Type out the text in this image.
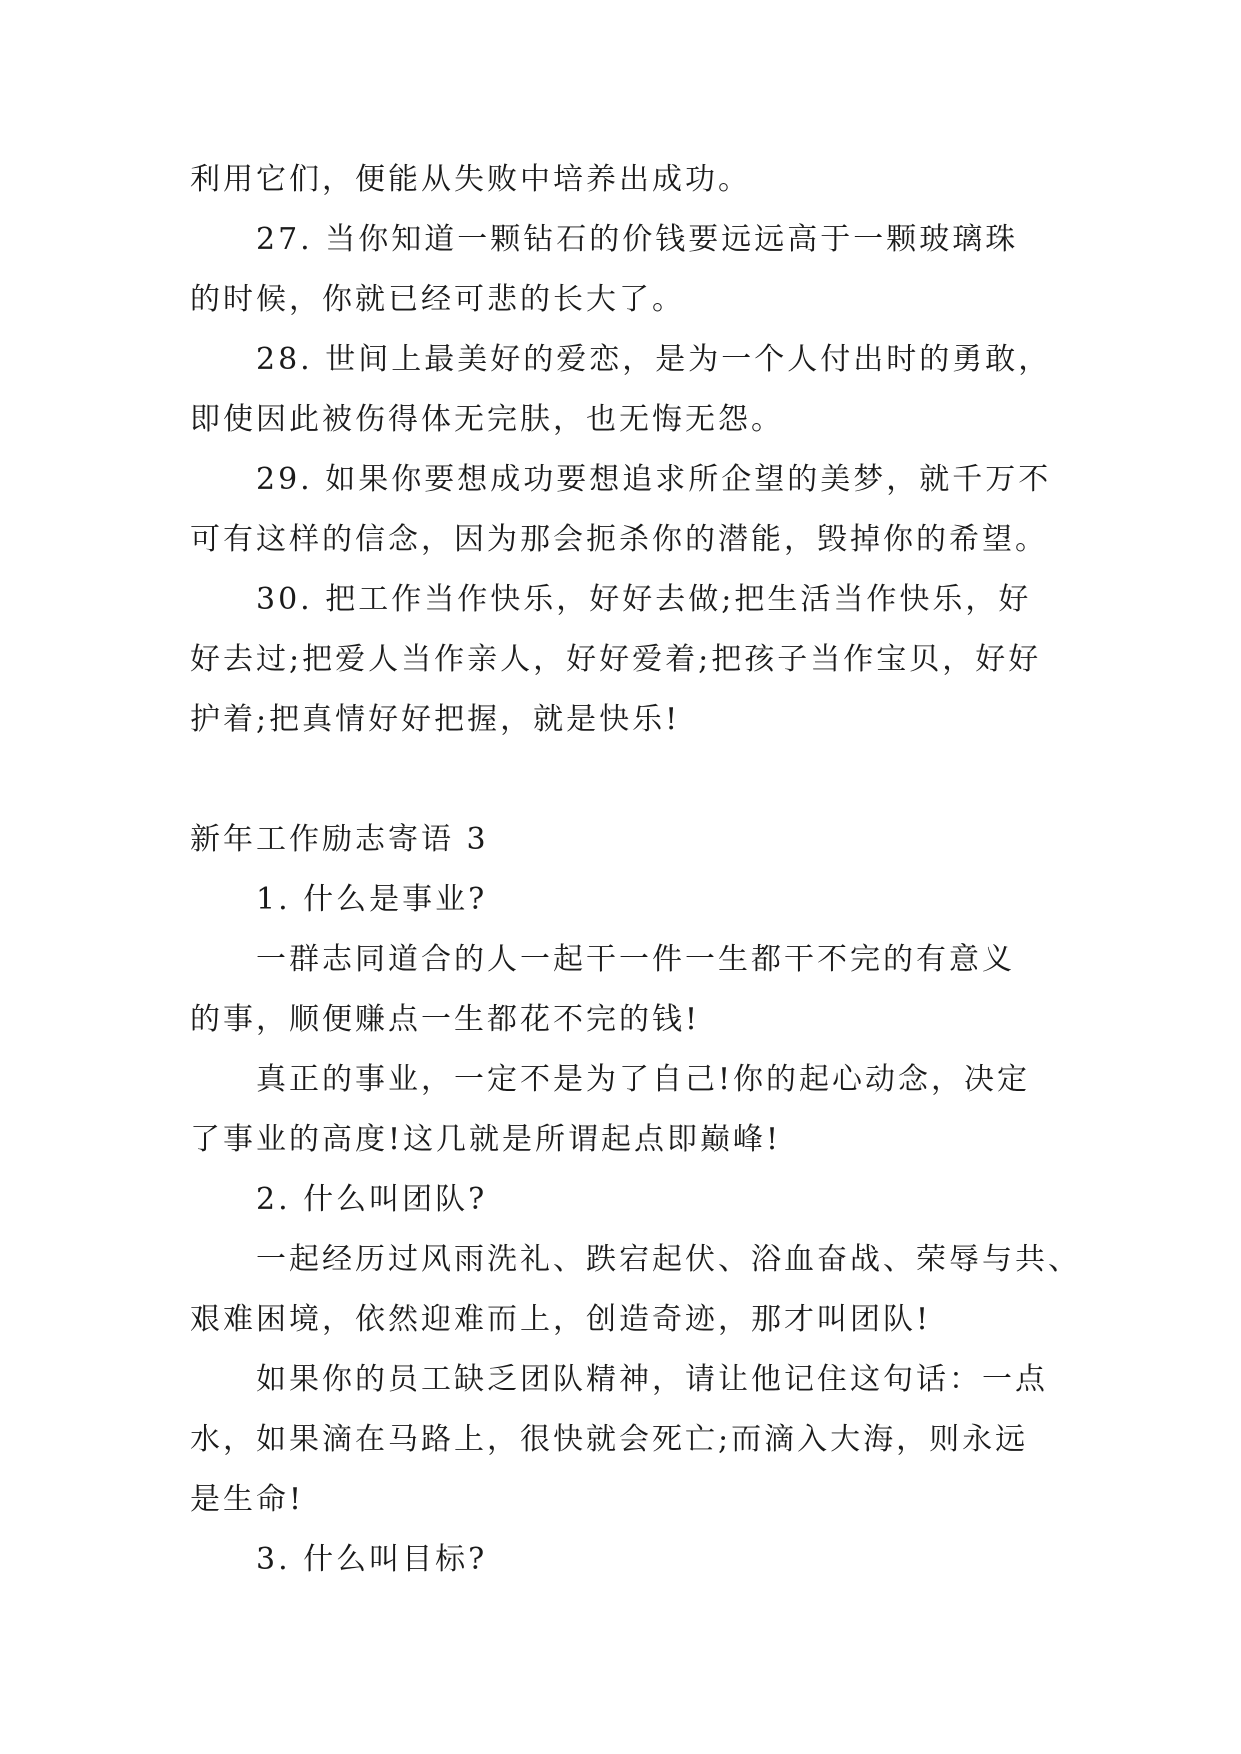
利用它们，便能从失败中培养出成功。
27. 当你知道一颗钻石的价钱要远远高于一颗玻璃珠
的时候，你就已经可悲的长大了。
28. 世间上最美好的爱恋，是为一个人付出时的勇敢，
即使因此被伤得体无完肤，也无悔无怨。
29. 如果你要想成功要想追求所企望的美梦，就千万不
可有这样的信念，因为那会扼杀你的潜能，毁掉你的希望。
30. 把工作当作快乐，好好去做;把生活当作快乐，好
好去过;把爱人当作亲人，好好爱着;把孩子当作宝贝，好好
护着;把真情好好把握，就是快乐!
新年工作励志寄语 3
1. 什么是事业?
一群志同道合的人一起干一件一生都干不完的有意义
的事，顺便赚点一生都花不完的钱!
真正的事业，一定不是为了自己!你的起心动念，决定
了事业的高度!这几就是所谓起点即巅峰!
2. 什么叫团队?
一起经历过风雨洗礼、跌宕起伏、浴血奋战、荣辱与共、
艰难困境，依然迎难而上，创造奇迹，那才叫团队!
如果你的员工缺乏团队精神，请让他记住这句话：一点
水，如果滴在马路上，很快就会死亡;而滴入大海，则永远
是生命!
3. 什么叫目标?
